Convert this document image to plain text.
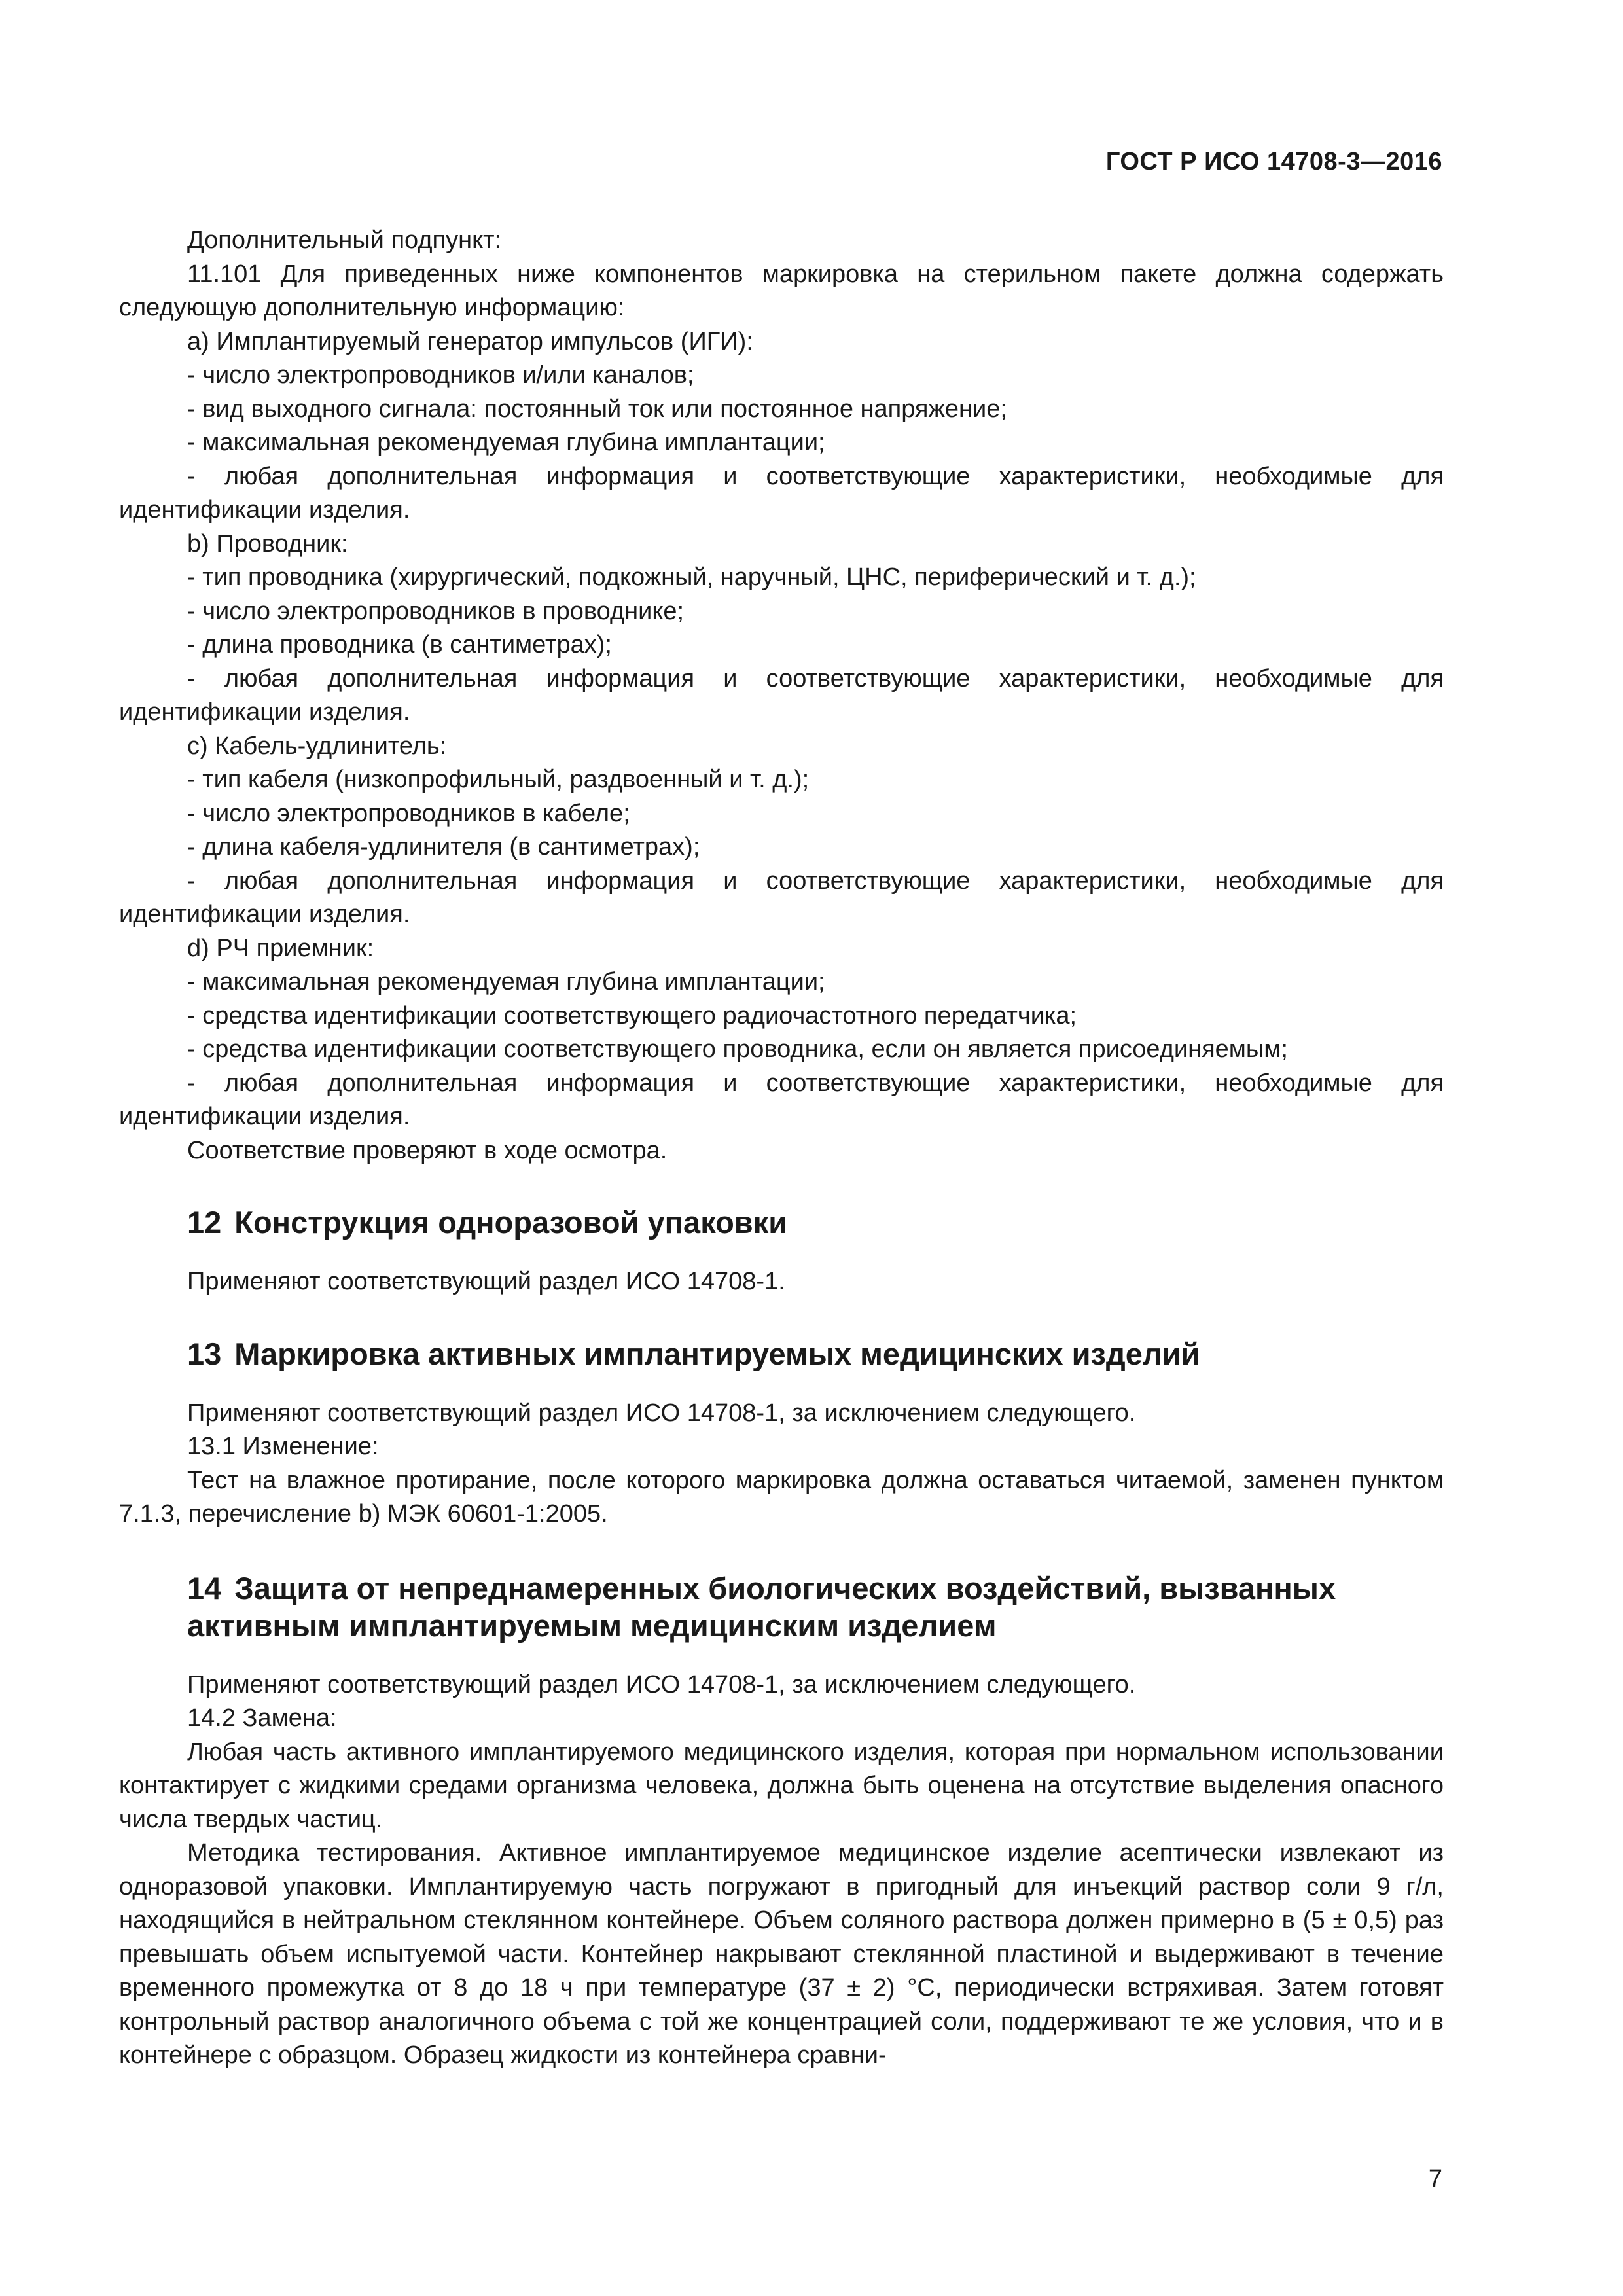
ГОСТ Р ИСО 14708-3—2016

Дополнительный подпункт:

11.101 Для приведенных ниже компонентов маркировка на стерильном пакете должна содержать следующую дополнительную информацию:

a) Имплантируемый генератор импульсов (ИГИ):

- число электропроводников и/или каналов;

- вид выходного сигнала: постоянный ток или постоянное напряжение;

- максимальная рекомендуемая глубина имплантации;

- любая дополнительная информация и соответствующие характеристики, необходимые для идентификации изделия.

b) Проводник:

- тип проводника (хирургический, подкожный, наручный, ЦНС, периферический и т. д.);

- число электропроводников в проводнике;

- длина проводника (в сантиметрах);

- любая дополнительная информация и соответствующие характеристики, необходимые для идентификации изделия.

c) Кабель-удлинитель:

- тип кабеля (низкопрофильный, раздвоенный и т. д.);

- число электропроводников в кабеле;

- длина кабеля-удлинителя (в сантиметрах);

- любая дополнительная информация и соответствующие характеристики, необходимые для идентификации изделия.

d) РЧ приемник:

- максимальная рекомендуемая глубина имплантации;

- средства идентификации соответствующего радиочастотного передатчика;

- средства идентификации соответствующего проводника, если он является присоединяемым;

- любая дополнительная информация и соответствующие характеристики, необходимые для идентификации изделия.

Соответствие проверяют в ходе осмотра.

12 Конструкция одноразовой упаковки

Применяют соответствующий раздел ИСО 14708-1.

13 Маркировка активных имплантируемых медицинских изделий

Применяют соответствующий раздел ИСО 14708-1, за исключением следующего.

13.1 Изменение:

Тест на влажное протирание, после которого маркировка должна оставаться читаемой, заменен пунктом 7.1.3, перечисление b) МЭК 60601-1:2005.

14 Защита от непреднамеренных биологических воздействий, вызванных активным имплантируемым медицинским изделием

Применяют соответствующий раздел ИСО 14708-1, за исключением следующего.

14.2 Замена:

Любая часть активного имплантируемого медицинского изделия, которая при нормальном использовании контактирует с жидкими средами организма человека, должна быть оценена на отсутствие выделения опасного числа твердых частиц.

Методика тестирования. Активное имплантируемое медицинское изделие асептически извлекают из одноразовой упаковки. Имплантируемую часть погружают в пригодный для инъекций раствор соли 9 г/л, находящийся в нейтральном стеклянном контейнере. Объем соляного раствора должен примерно в (5 ± 0,5) раз превышать объем испытуемой части. Контейнер накрывают стеклянной пластиной и выдерживают в течение временного промежутка от 8 до 18 ч при температуре (37 ± 2) °С, периодически встряхивая. Затем готовят контрольный раствор аналогичного объема с той же концентрацией соли, поддерживают те же условия, что и в контейнере с образцом. Образец жидкости из контейнера сравни-

7
